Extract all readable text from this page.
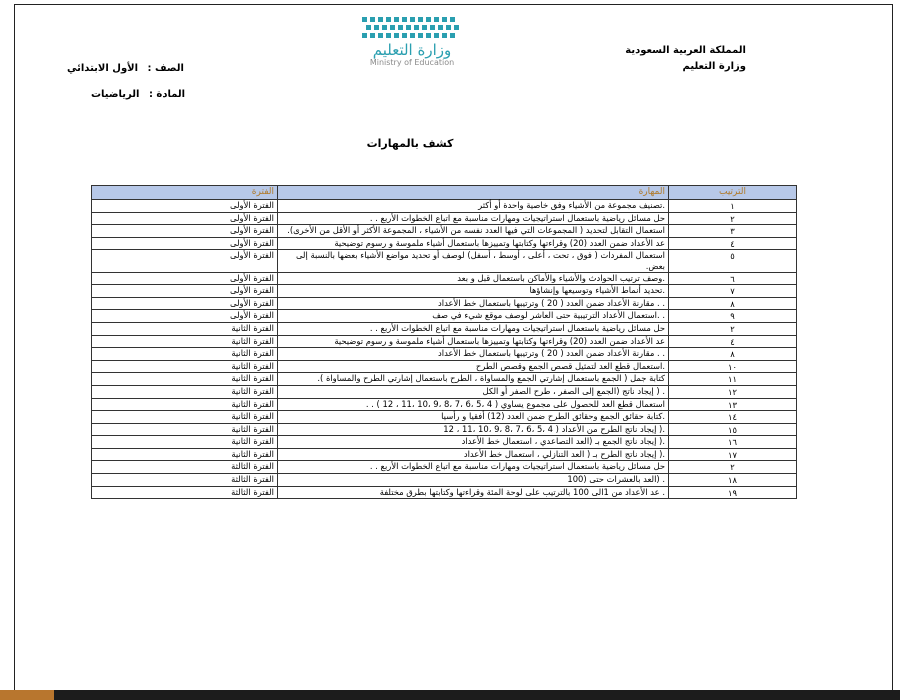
المملكة العربية السعودية
وزارة التعليم
وزارة التعليم
Ministry of Education
الصف : الأول الابتدائي
المادة : الرياضيات
كشف بالمهارات
الترتيب	المهارة	الفترة
١	.تصنيف مجموعة من الأشياء وفق خاصية واحدة أو أكثر	الفترة الأولى
٢	حل مسائل رياضية باستعمال استراتيجيات ومهارات مناسبة مع اتباع الخطوات الأربع . .	الفترة الأولى
٣	استعمال التقابل لتحديد ( المجموعات التي فيها العدد نفسه من الأشياء ، المجموعة الأكثر أو الأقل من الأخرى).	الفترة الأولى
٤	عد الأعداد ضمن العدد (20) وقراءتها وكتابتها وتمييزها باستعمال أشياء ملموسة و رسوم توضيحية	الفترة الأولى
٥	استعمال المفردات ( فوق ، تحت ، أعلى ، أوسط ، أسفل) لوصف أو تحديد مواضع الأشياء بعضها بالنسبة إلى بعض.	الفترة الأولى
٦	.وصف ترتيب الحوادث والأشياء والأماكن باستعمال قبل و بعد	الفترة الأولى
٧	.تحديد أنماط الأشياء وتوسيعها وإنشاؤها	الفترة الأولى
٨	. . مقارنة الأعداد ضمن العدد ( 20 ) وترتيبها باستعمال خط الأعداد	الفترة الأولى
٩	. .استعمال الأعداد الترتيبية حتى العاشر لوصف موقع شيء في صف	الفترة الأولى
٢	حل مسائل رياضية باستعمال استراتيجيات ومهارات مناسبة مع اتباع الخطوات الأربع . .	الفترة الثانية
٤	عد الأعداد ضمن العدد (20) وقراءتها وكتابتها وتمييزها باستعمال أشياء ملموسة و رسوم توضيحية	الفترة الثانية
٨	. . مقارنة الأعداد ضمن العدد ( 20 ) وترتيبها باستعمال خط الأعداد	الفترة الثانية
١٠	.استعمال قطع العد لتمثيل قصص الجمع وقصص الطرح	الفترة الثانية
١١	كتابة جمل ( الجمع باستعمال إشارتي الجمع والمساواة ، الطرح باستعمال إشارتي الطرح والمساواة ).	الفترة الثانية
١٢	. ( إيجاد ناتج (الجمع إلى الصفر ، طرح الصفر أو الكل	الفترة الثانية
١٣	استعمال قطع العد للحصول على مجموع يساوي ( 4 ،5 ،6 ،7 ،8 ،9 ،10 ،11 ، 12 ) . .	الفترة الثانية
١٤	.كتابة حقائق الجمع وحقائق الطرح ضمن العدد (12) أفقيا و رأسيا	الفترة الثانية
١٥	.( إيجاد ناتج الطرح من الأعداد ( 4 ،5 ،6 ،7 ،8 ،9 ،10 ،11 ، 12	الفترة الثانية
١٦	.( إيجاد ناتج الجمع بـ (العد التصاعدي ، استعمال خط الأعداد	الفترة الثانية
١٧	.( إيجاد ناتج الطرح بـ ( العد التنازلي ، استعمال خط الأعداد	الفترة الثانية
٢	حل مسائل رياضية باستعمال استراتيجيات ومهارات مناسبة مع اتباع الخطوات الأربع . .	الفترة الثالثة
١٨	. (العد بالعشرات حتى (100	الفترة الثالثة
١٩	. عد الأعداد من 1الى 100 بالترتيب على لوحة المئة وقراءتها وكتابتها بطرق مختلفة	الفترة الثالثة
